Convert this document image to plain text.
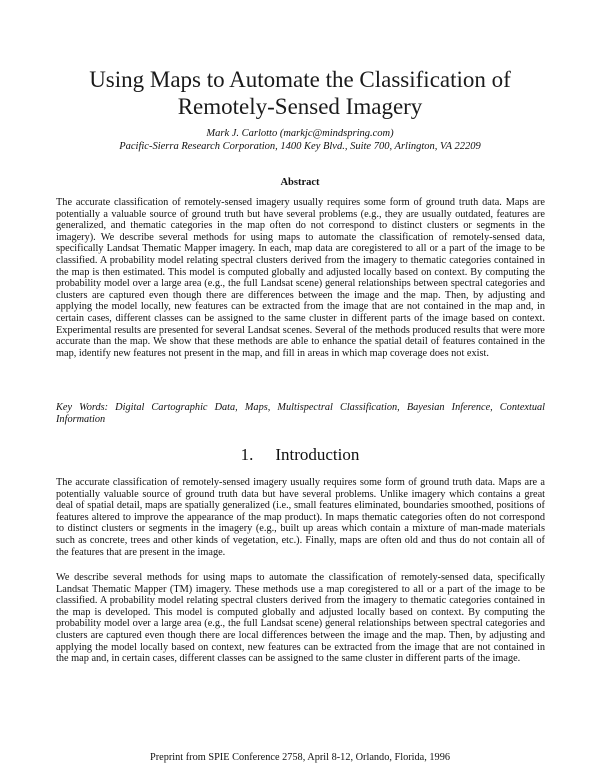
Using Maps to Automate the Classification of
Remotely-Sensed Imagery
Mark J. Carlotto (markjc@mindspring.com)
Pacific-Sierra Research Corporation, 1400 Key Blvd., Suite 700, Arlington, VA 22209
Abstract

The accurate classification of remotely-sensed imagery usually requires some form of ground truth data. Maps are potentially a valuable source of ground truth but have several problems (e.g., they are usually outdated, features are generalized, and thematic categories in the map often do not correspond to distinct clusters or segments in the imagery). We describe several methods for using maps to automate the classification of remotely-sensed data, specifically Landsat Thematic Mapper imagery. In each, map data are coregistered to all or a part of the image to be classified. A probability model relating spectral clusters derived from the imagery to thematic categories contained in the map is then estimated. This model is computed globally and adjusted locally based on context. By computing the probability model over a large area (e.g., the full Landsat scene) general relationships between spectral categories and clusters are captured even though there are differences between the image and the map. Then, by adjusting and applying the model locally, new features can be extracted from the image that are not contained in the map and, in certain cases, different classes can be assigned to the same cluster in different parts of the image based on context. Experimental results are presented for several Landsat scenes. Several of the methods produced results that were more accurate than the map. We show that these methods are able to enhance the spatial detail of features contained in the map, identify new features not present in the map, and fill in areas in which map coverage does not exist.

Key Words: Digital Cartographic Data, Maps, Multispectral Classification, Bayesian Inference, Contextual Information
1. Introduction

The accurate classification of remotely-sensed imagery usually requires some form of ground truth data. Maps are a potentially valuable source of ground truth data but have several problems. Unlike imagery which contains a great deal of spatial detail, maps are spatially generalized (i.e., small features eliminated, boundaries smoothed, positions of features altered to improve the appearance of the map product). In maps thematic categories often do not correspond to distinct clusters or segments in the imagery (e.g., built up areas which contain a mixture of man-made materials such as concrete, trees and other kinds of vegetation, etc.). Finally, maps are often old and thus do not contain all of the features that are present in the image.

We describe several methods for using maps to automate the classification of remotely-sensed data, specifically Landsat Thematic Mapper (TM) imagery. These methods use a map coregistered to all or a part of the image to be classified. A probability model relating spectral clusters derived from the imagery to thematic categories contained in the map is developed. This model is computed globally and adjusted locally based on context. By computing the probability model over a large area (e.g., the full Landsat scene) general relationships between spectral categories and clusters are captured even though there are local differences between the image and the map. Then, by adjusting and applying the model locally based on context, new features can be extracted from the image that are not contained in the map and, in certain cases, different classes can be assigned to the same cluster in different parts of the image.

Preprint from SPIE Conference 2758, April 8-12, Orlando, Florida, 1996
